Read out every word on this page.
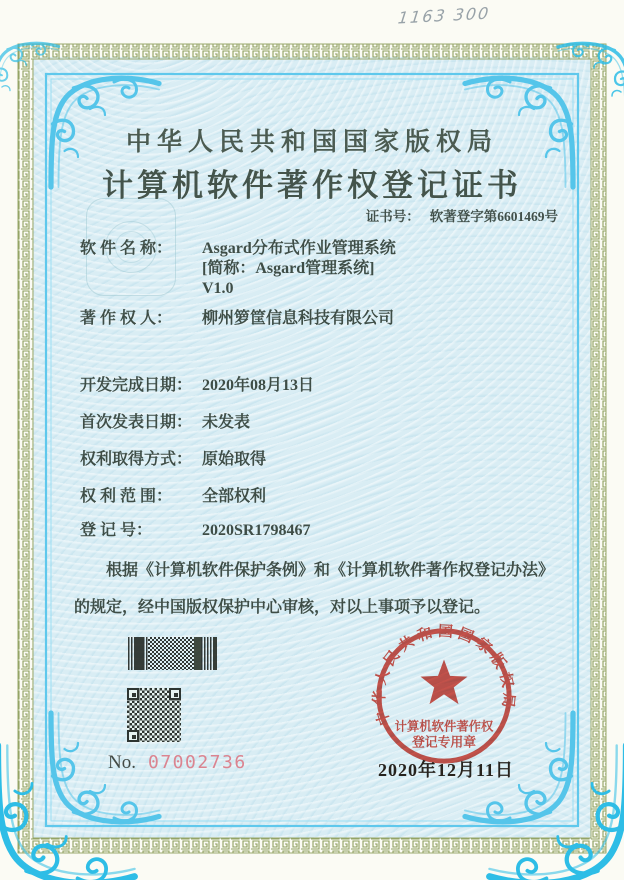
1163 300
中华人民共和国国家版权局
计算机软件著作权登记证书
证书号： 软著登字第6601469号
软 件 名 称：	Asgard分布式作业管理系统
[简称：Asgard管理系统]
V1.0
著 作 权 人：	柳州箩筐信息科技有限公司
开发完成日期： 2020年08月13日
首次发表日期： 未发表
权利取得方式： 原始取得
权 利 范 围：	全部权利
登 记 号：	2020SR1798467
根据《计算机软件保护条例》和《计算机软件著作权登记办法》的规定，经中国版权保护中心审核，对以上事项予以登记。
No. 07002736
中华人民共和国国家版权局
计算机软件著作权
登记专用章
2020年12月11日
